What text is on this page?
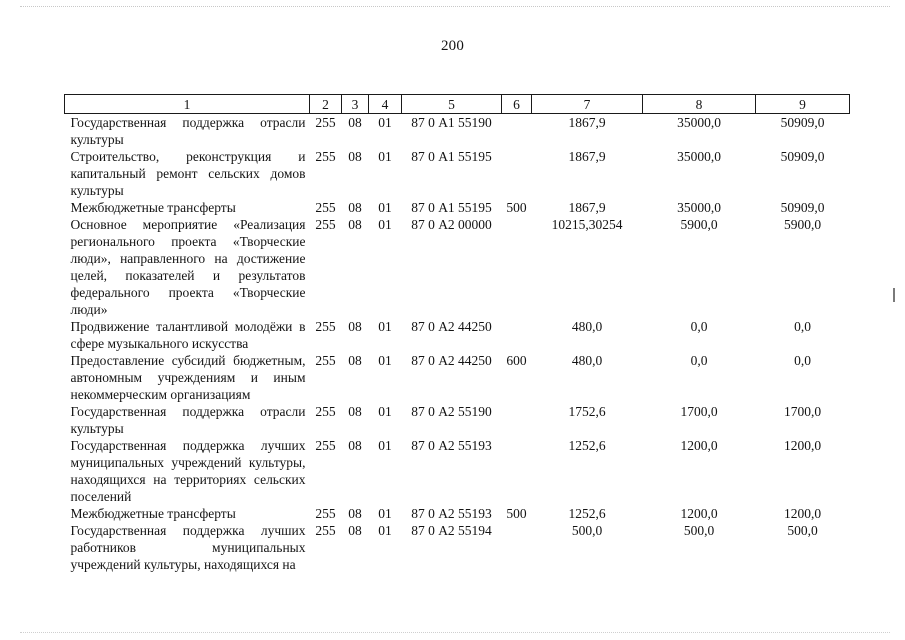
200
1	2	3	4	5	6	7	8	9
Государственная поддержка отрасли культуры	255	08	01	87 0 А1 55190		1867,9	35000,0	50909,0
Строительство, реконструкция и капитальный ремонт сельских домов культуры	255	08	01	87 0 А1 55195		1867,9	35000,0	50909,0
Межбюджетные трансферты	255	08	01	87 0 А1 55195	500	1867,9	35000,0	50909,0
Основное мероприятие «Реализация регионального проекта «Творческие люди», направленного на достижение целей, показателей и результатов федерального проекта «Творческие люди»	255	08	01	87 0 А2 00000		10215,30254	5900,0	5900,0
Продвижение талантливой молодёжи в сфере музыкального искусства	255	08	01	87 0 А2 44250		480,0	0,0	0,0
Предоставление субсидий бюджетным, автономным учреждениям и иным некоммерческим организациям	255	08	01	87 0 А2 44250	600	480,0	0,0	0,0
Государственная поддержка отрасли культуры	255	08	01	87 0 А2 55190		1752,6	1700,0	1700,0
Государственная поддержка лучших муниципальных учреждений культуры, находящихся на территориях сельских поселений	255	08	01	87 0 А2 55193		1252,6	1200,0	1200,0
Межбюджетные трансферты	255	08	01	87 0 А2 55193	500	1252,6	1200,0	1200,0
Государственная поддержка лучших работников муниципальных учреждений культуры, находящихся на	255	08	01	87 0 А2 55194		500,0	500,0	500,0
